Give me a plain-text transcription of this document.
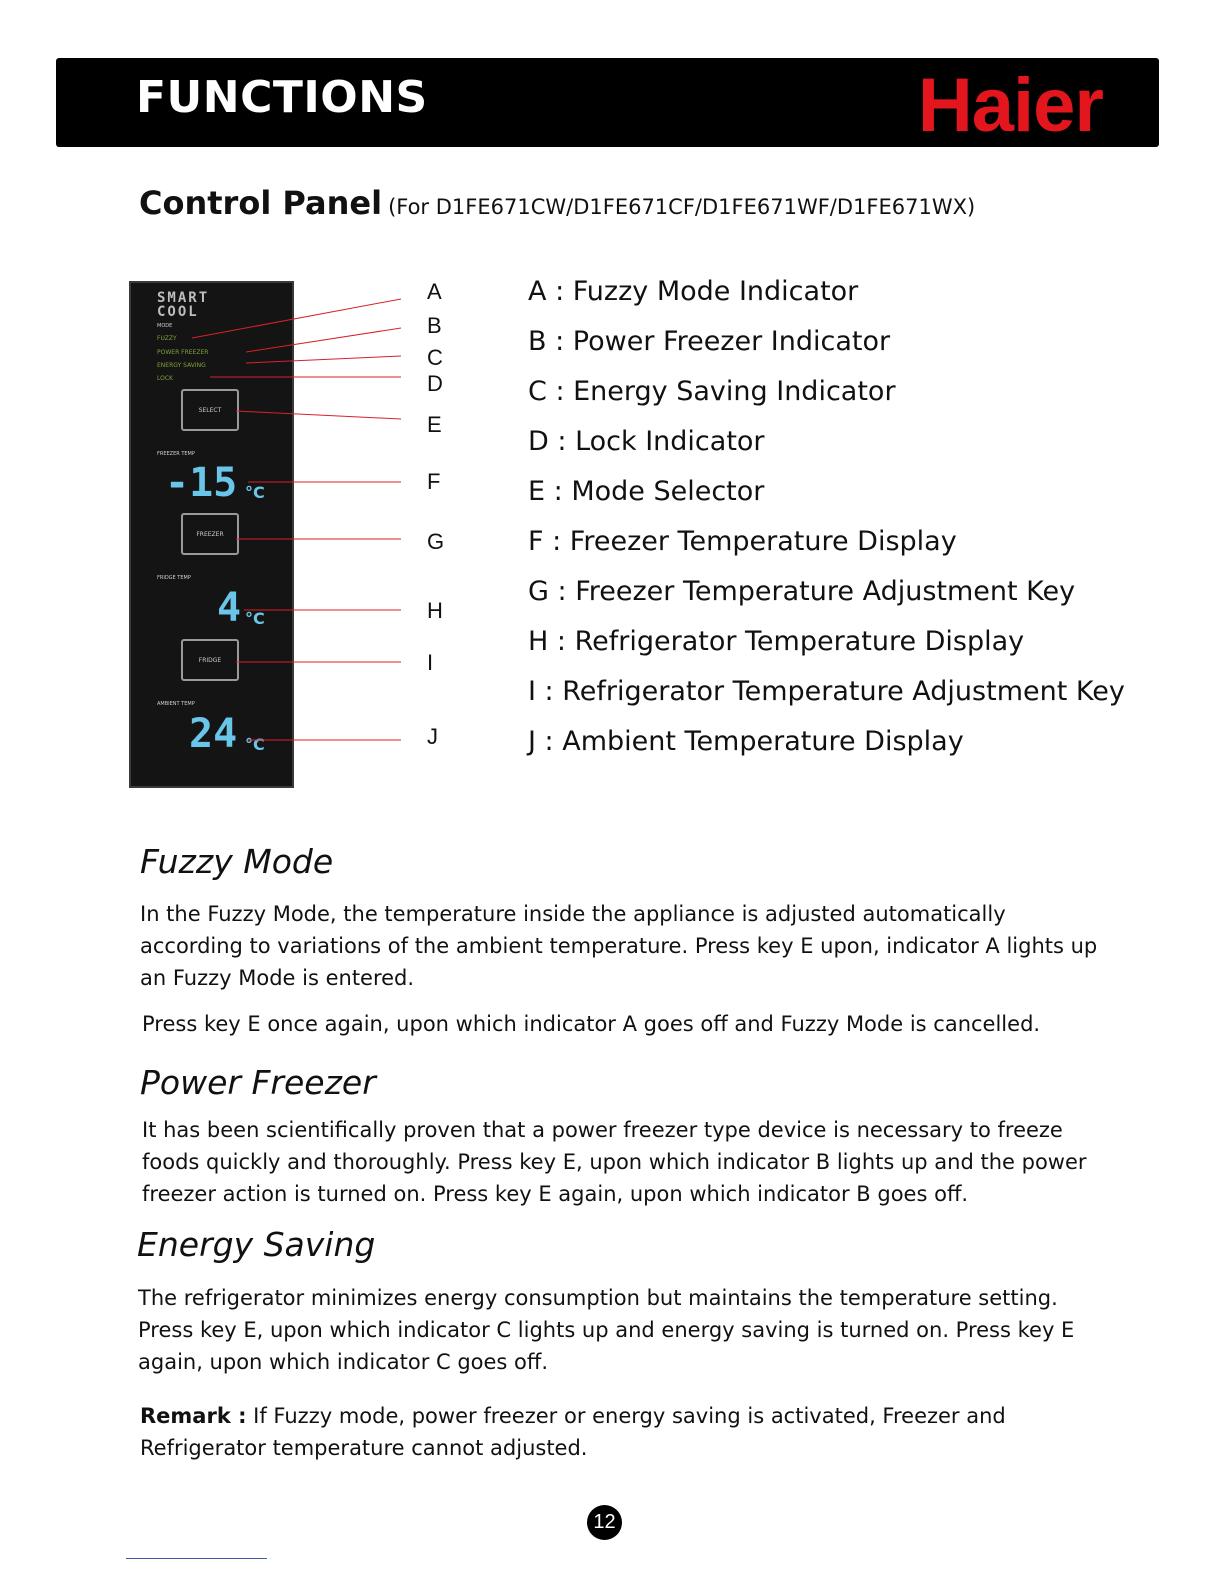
FUNCTIONS	Haier
Control Panel (For D1FE671CW/D1FE671CF/D1FE671WF/D1FE671WX)
SMART
COOL
MODE
FUZZY
POWER FREEZER
ENERGY SAVING
LOCK
SELECT
FREEZER TEMP
-15 °C
FREEZER
FRIDGE TEMP
4 °C
FRIDGE
AMBIENT TEMP
24 °C
A
B
C
D
E
F
G
H
I
J
A : Fuzzy Mode Indicator
B : Power Freezer Indicator
C : Energy Saving Indicator
D : Lock Indicator
E : Mode Selector
F : Freezer Temperature Display
G : Freezer Temperature Adjustment Key
H : Refrigerator Temperature Display
I : Refrigerator Temperature Adjustment Key
J : Ambient Temperature Display
Fuzzy Mode

In the Fuzzy Mode, the temperature inside the appliance is adjusted automatically according to variations of the ambient temperature. Press key E upon, indicator A lights up an Fuzzy Mode is entered.

Press key E once again, upon which indicator A goes off and Fuzzy Mode is cancelled.

Power Freezer

It has been scientifically proven that a power freezer type device is necessary to freeze foods quickly and thoroughly. Press key E, upon which indicator B lights up and the power freezer action is turned on. Press key E again, upon which indicator B goes off.

Energy Saving

The refrigerator minimizes energy consumption but maintains the temperature setting. Press key E, upon which indicator C lights up and energy saving is turned on. Press key E again, upon which indicator C goes off.

Remark : If Fuzzy mode, power freezer or energy saving is activated, Freezer and Refrigerator temperature cannot adjusted.

12
